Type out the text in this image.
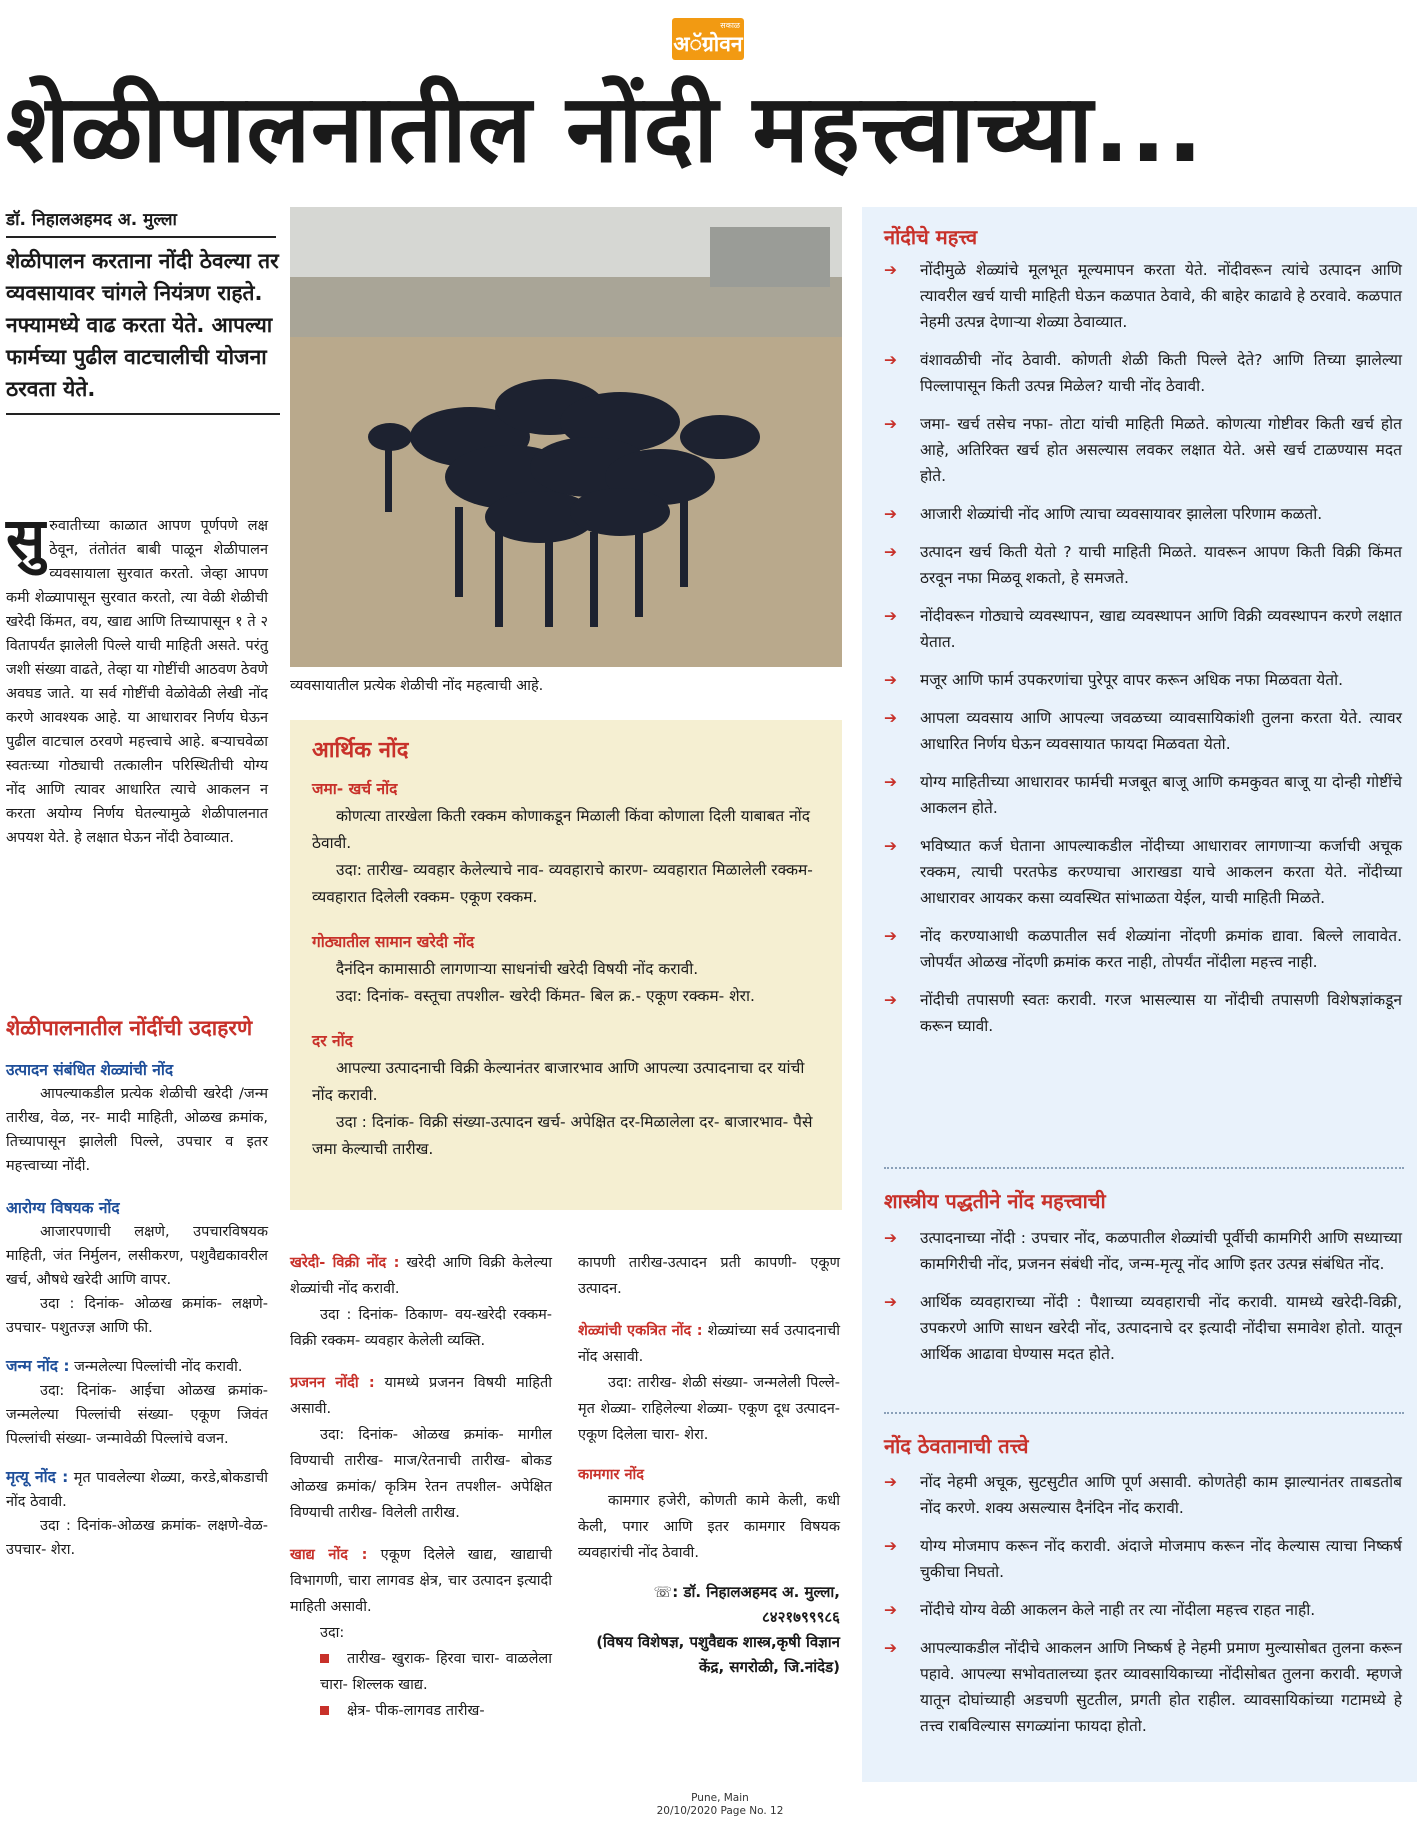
सकाळ
अॅग्रोवन
शेळीपालनातील नोंदी महत्त्वाच्या...
डॉ. निहालअहमद अ. मुल्ला
शेळीपालन करताना नोंदी ठेवल्या तर व्यवसायावर चांगले नियंत्रण राहते. नफ्यामध्ये वाढ करता येते. आपल्या फार्मच्या पुढील वाटचालीची योजना ठरवता येते.
सुरुवातीच्या काळात आपण पूर्णपणे लक्ष ठेवून, तंतोतंत बाबी पाळून शेळीपालन व्यवसायाला सुरवात करतो. जेव्हा आपण कमी शेळ्यापासून सुरवात करतो, त्या वेळी शेळीची खरेदी किंमत, वय, खाद्य आणि तिच्यापासून १ ते २ वितापर्यंत झालेली पिल्ले याची माहिती असते. परंतु जशी संख्या वाढते, तेव्हा या गोष्टींची आठवण ठेवणे अवघड जाते. या सर्व गोष्टींची वेळोवेळी लेखी नोंद करणे आवश्यक आहे. या आधारावर निर्णय घेऊन पुढील वाटचाल ठरवणे महत्त्वाचे आहे. बऱ्याचवेळा स्वतःच्या गोठ्याची तत्कालीन परिस्थितीची योग्य नोंद आणि त्यावर आधारित त्याचे आकलन न करता अयोग्य निर्णय घेतल्यामुळे शेळीपालनात अपयश येते. हे लक्षात घेऊन नोंदी ठेवाव्यात.
शेळीपालनातील नोंदींची उदाहरणे
उत्पादन संबंधित शेळ्यांची नोंद
आपल्याकडील प्रत्येक शेळीची खरेदी /जन्म तारीख, वेळ, नर- मादी माहिती, ओळख क्रमांक, तिच्यापासून झालेली पिल्ले, उपचार व इतर महत्त्वाच्या नोंदी.
आरोग्य विषयक नोंद
आजारपणाची लक्षणे, उपचारविषयक माहिती, जंत निर्मुलन, लसीकरण, पशुवैद्यकावरील खर्च, औषधे खरेदी आणि वापर.
उदा : दिनांक- ओळख क्रमांक- लक्षणे- उपचार- पशुतज्ज्ञ आणि फी.
जन्म नोंद : जन्मलेल्या पिल्लांची नोंद करावी.
उदा: दिनांक- आईचा ओळख क्रमांक-जन्मलेल्या पिल्लांची संख्या- एकूण जिवंत पिल्लांची संख्या- जन्मावेळी पिल्लांचे वजन.
मृत्यू नोंद : मृत पावलेल्या शेळ्या, करडे,बोकडाची नोंद ठेवावी.
उदा : दिनांक-ओळख क्रमांक- लक्षणे-वेळ- उपचार- शेरा.
व्यवसायातील प्रत्येक शेळीची नोंद महत्वाची आहे.
आर्थिक नोंद
जमा- खर्च नोंद
कोणत्या तारखेला किती रक्कम कोणाकडून मिळाली किंवा कोणाला दिली याबाबत नोंद ठेवावी.
उदा: तारीख- व्यवहार केलेल्याचे नाव- व्यवहाराचे कारण- व्यवहारात मिळालेली रक्कम- व्यवहारात दिलेली रक्कम- एकूण रक्कम.
गोठ्यातील सामान खरेदी नोंद
दैनंदिन कामासाठी लागणाऱ्या साधनांची खरेदी विषयी नोंद करावी.
उदा: दिनांक- वस्तूचा तपशील- खरेदी किंमत- बिल क्र.- एकूण रक्कम- शेरा.
दर नोंद
आपल्या उत्पादनाची विक्री केल्यानंतर बाजारभाव आणि आपल्या उत्पादनाचा दर यांची नोंद करावी.
उदा : दिनांक- विक्री संख्या-उत्पादन खर्च- अपेक्षित दर-मिळालेला दर- बाजारभाव- पैसे जमा केल्याची तारीख.
खरेदी- विक्री नोंद : खरेदी आणि विक्री केलेल्या शेळ्यांची नोंद करावी.
उदा : दिनांक- ठिकाण- वय-खरेदी रक्कम- विक्री रक्कम- व्यवहार केलेली व्यक्ति.
प्रजनन नोंदी : यामध्ये प्रजनन विषयी माहिती असावी.
उदा: दिनांक- ओळख क्रमांक- मागील विण्याची तारीख- माज/रेतनाची तारीख- बोकड ओळख क्रमांक/ कृत्रिम रेतन तपशील- अपेक्षित विण्याची तारीख- विलेली तारीख.
खाद्य नोंद : एकूण दिलेले खाद्य, खाद्याची विभागणी, चारा लागवड क्षेत्र, चार उत्पादन इत्यादी माहिती असावी.
उदा:
तारीख- खुराक- हिरवा चारा- वाळलेला चारा- शिल्लक खाद्य.
क्षेत्र- पीक-लागवड तारीख-
कापणी तारीख-उत्पादन प्रती कापणी- एकूण उत्पादन.
शेळ्यांची एकत्रित नोंद : शेळ्यांच्या सर्व उत्पादनाची नोंद असावी.
उदा: तारीख- शेळी संख्या- जन्मलेली पिल्ले- मृत शेळ्या- राहिलेल्या शेळ्या- एकूण दूध उत्पादन- एकूण दिलेला चारा- शेरा.
कामगार नोंद
कामगार हजेरी, कोणती कामे केली, कधी केली, पगार आणि इतर कामगार विषयक व्यवहारांची नोंद ठेवावी.
☏: डॉ. निहालअहमद अ. मुल्ला, ८४२१७९९९८६
(विषय विशेषज्ञ, पशुवैद्यक शास्त्र,कृषी विज्ञान केंद्र, सगरोळी, जि.नांदेड)
नोंदीचे महत्त्व
➔ नोंदीमुळे शेळ्यांचे मूलभूत मूल्यमापन करता येते. नोंदीवरून त्यांचे उत्पादन आणि त्यावरील खर्च याची माहिती घेऊन कळपात ठेवावे, की बाहेर काढावे हे ठरवावे. कळपात नेहमी उत्पन्न देणाऱ्या शेळ्या ठेवाव्यात.
➔ वंशावळीची नोंद ठेवावी. कोणती शेळी किती पिल्ले देते? आणि तिच्या झालेल्या पिल्लापासून किती उत्पन्न मिळेल? याची नोंद ठेवावी.
➔ जमा- खर्च तसेच नफा- तोटा यांची माहिती मिळते. कोणत्या गोष्टीवर किती खर्च होत आहे, अतिरिक्त खर्च होत असल्यास लवकर लक्षात येते. असे खर्च टाळण्यास मदत होते.
➔ आजारी शेळ्यांची नोंद आणि त्याचा व्यवसायावर झालेला परिणाम कळतो.
➔ उत्पादन खर्च किती येतो ? याची माहिती मिळते. यावरून आपण किती विक्री किंमत ठरवून नफा मिळवू शकतो, हे समजते.
➔ नोंदीवरून गोठ्याचे व्यवस्थापन, खाद्य व्यवस्थापन आणि विक्री व्यवस्थापन करणे लक्षात येतात.
➔ मजूर आणि फार्म उपकरणांचा पुरेपूर वापर करून अधिक नफा मिळवता येतो.
➔ आपला व्यवसाय आणि आपल्या जवळच्या व्यावसायिकांशी तुलना करता येते. त्यावर आधारित निर्णय घेऊन व्यवसायात फायदा मिळवता येतो.
➔ योग्य माहितीच्या आधारावर फार्मची मजबूत बाजू आणि कमकुवत बाजू या दोन्ही गोष्टींचे आकलन होते.
➔ भविष्यात कर्ज घेताना आपल्याकडील नोंदीच्या आधारावर लागणाऱ्या कर्जाची अचूक रक्कम, त्याची परतफेड करण्याचा आराखडा याचे आकलन करता येते. नोंदीच्या आधारावर आयकर कसा व्यवस्थित सांभाळता येईल, याची माहिती मिळते.
➔ नोंद करण्याआधी कळपातील सर्व शेळ्यांना नोंदणी क्रमांक द्यावा. बिल्ले लावावेत. जोपर्यंत ओळख नोंदणी क्रमांक करत नाही, तोपर्यंत नोंदीला महत्त्व नाही.
➔ नोंदीची तपासणी स्वतः करावी. गरज भासल्यास या नोंदीची तपासणी विशेषज्ञांकडून करून घ्यावी.
शास्त्रीय पद्धतीने नोंद महत्त्वाची
➔ उत्पादनाच्या नोंदी : उपचार नोंद, कळपातील शेळ्यांची पूर्वीची कामगिरी आणि सध्याच्या कामगिरीची नोंद, प्रजनन संबंधी नोंद, जन्म-मृत्यू नोंद आणि इतर उत्पन्न संबंधित नोंद.
➔ आर्थिक व्यवहाराच्या नोंदी : पैशाच्या व्यवहाराची नोंद करावी. यामध्ये खरेदी-विक्री, उपकरणे आणि साधन खरेदी नोंद, उत्पादनाचे दर इत्यादी नोंदीचा समावेश होतो. यातून आर्थिक आढावा घेण्यास मदत होते.
नोंद ठेवतानाची तत्त्वे
➔ नोंद नेहमी अचूक, सुटसुटीत आणि पूर्ण असावी. कोणतेही काम झाल्यानंतर ताबडतोब नोंद करणे. शक्य असल्यास दैनंदिन नोंद करावी.
➔ योग्य मोजमाप करून नोंद करावी. अंदाजे मोजमाप करून नोंद केल्यास त्याचा निष्कर्ष चुकीचा निघतो.
➔ नोंदीचे योग्य वेळी आकलन केले नाही तर त्या नोंदीला महत्त्व राहत नाही.
➔ आपल्याकडील नोंदीचे आकलन आणि निष्कर्ष हे नेहमी प्रमाण मुल्यासोबत तुलना करून पहावे. आपल्या सभोवतालच्या इतर व्यावसायिकाच्या नोंदीसोबत तुलना करावी. म्हणजे यातून दोघांच्याही अडचणी सुटतील, प्रगती होत राहील. व्यावसायिकांच्या गटामध्ये हे तत्त्व राबविल्यास सगळ्यांना फायदा होतो.
Pune, Main
20/10/2020 Page No. 12
